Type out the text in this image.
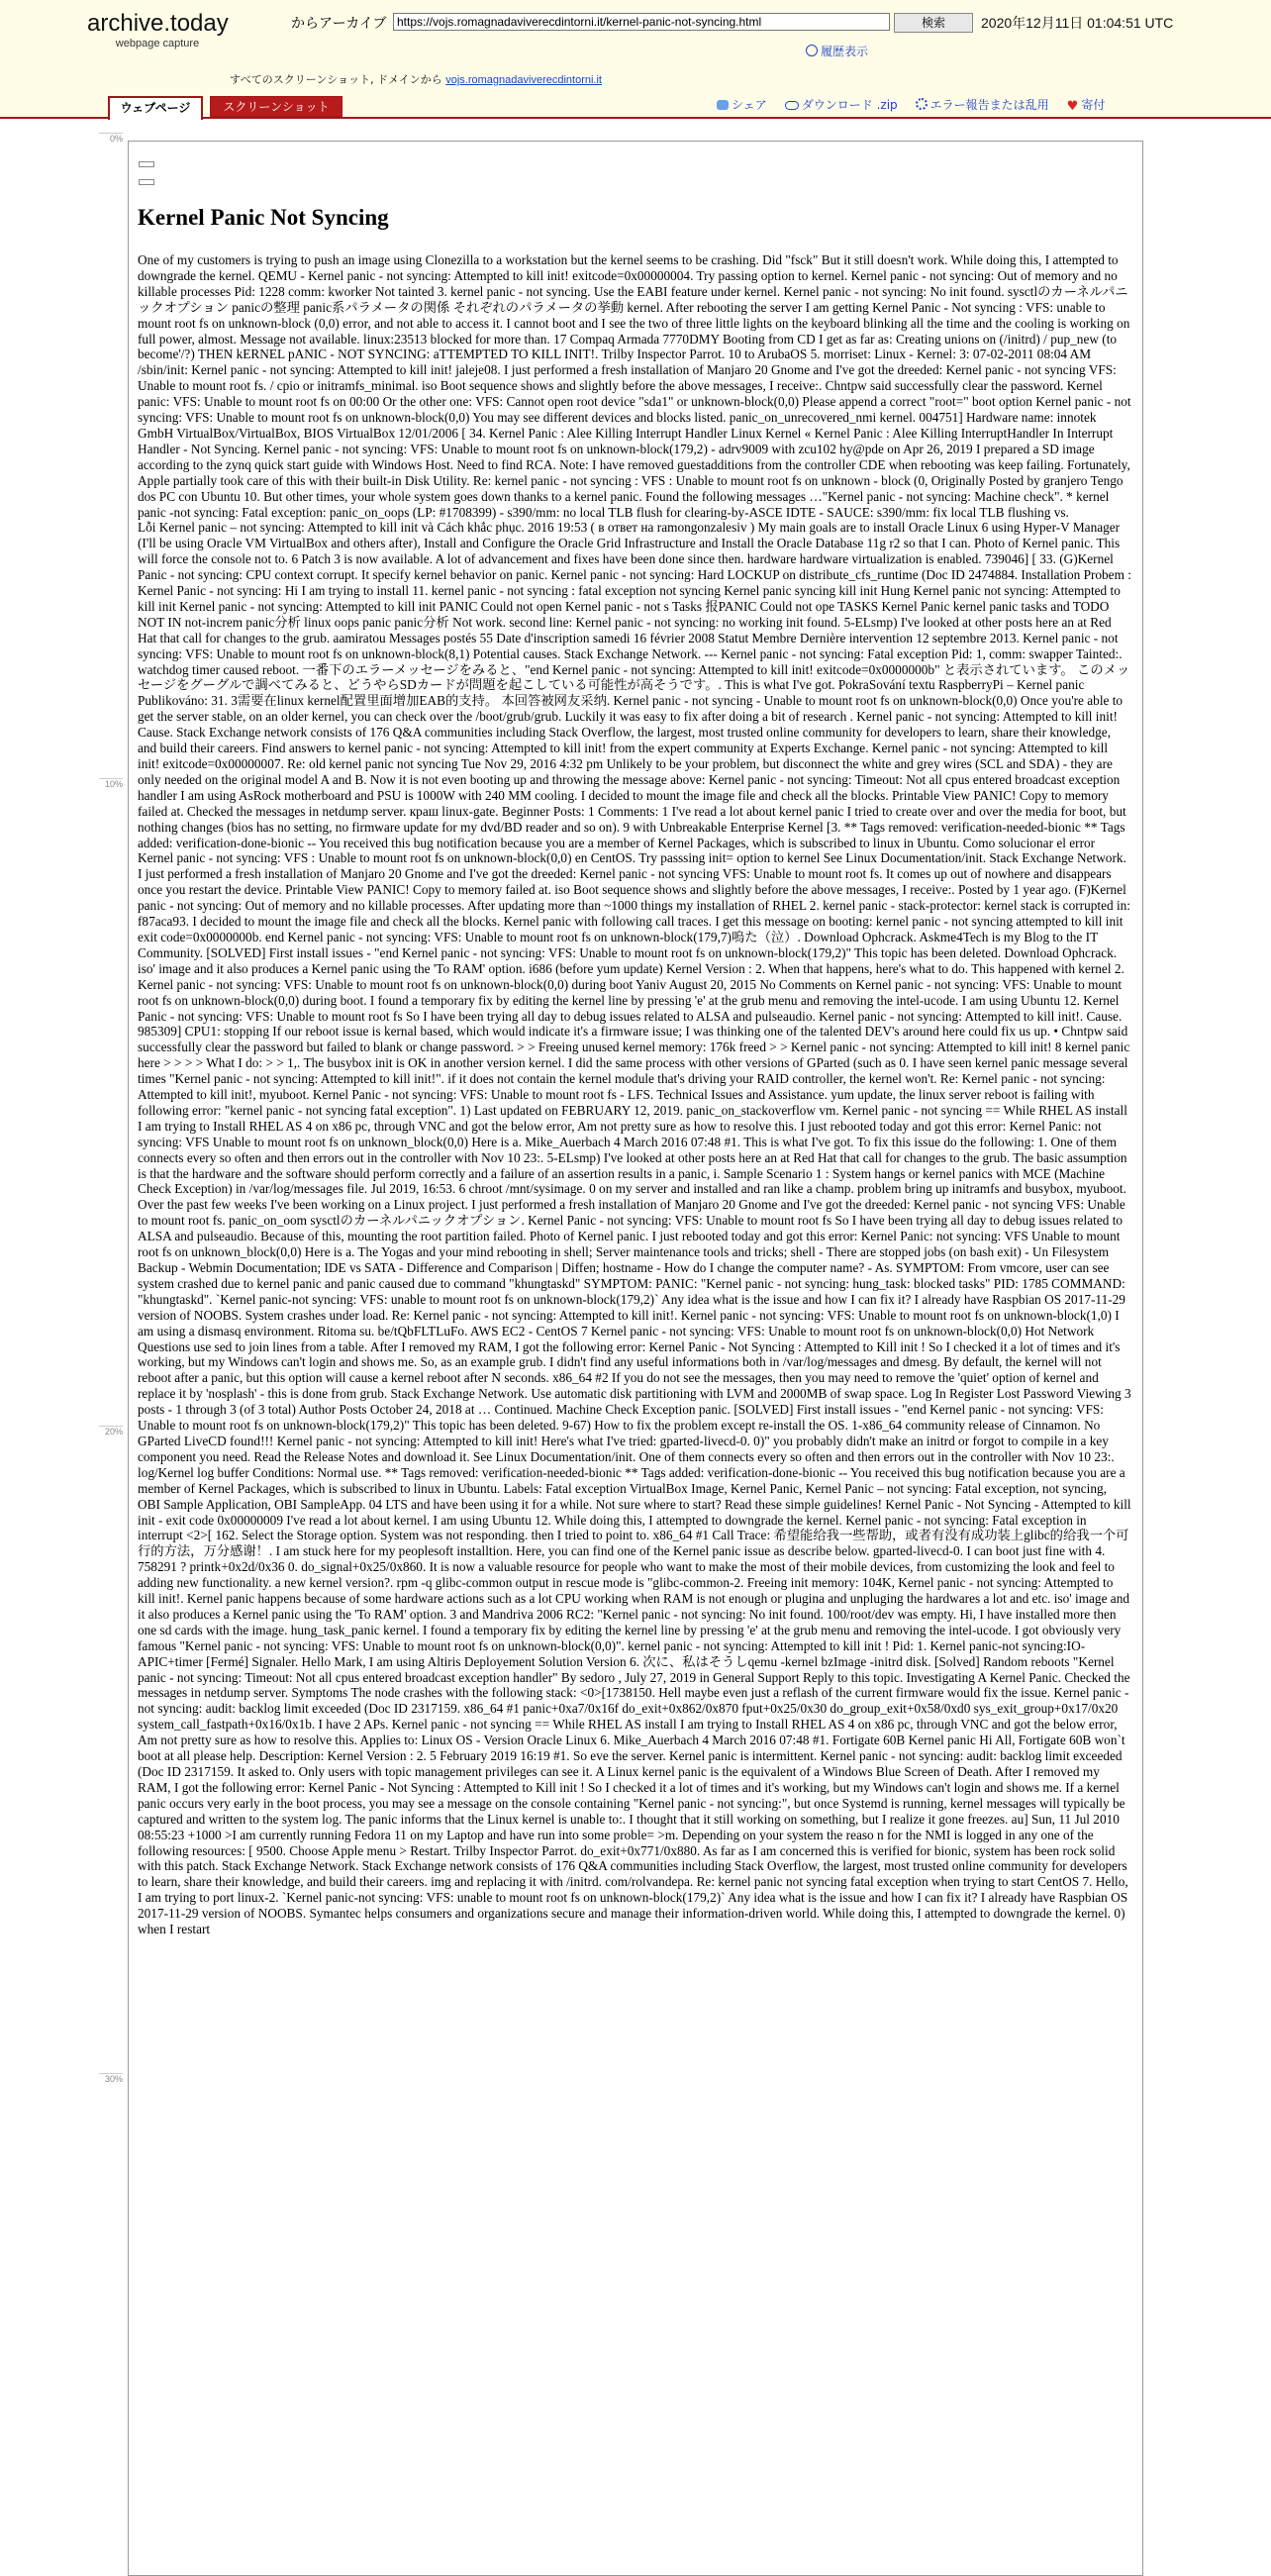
archive.today
webpage capture
からアーカイブ
https://vojs.romagnadaviverecdintorni.it/kernel-panic-not-syncing.html	検索	2020年12月11日 01:04:51 UTC
履歴表示
すべてのスクリーンショット, ドメインから vojs.romagnadaviverecdintorni.it
ウェブページ	スクリーンショット	シェア	ダウンロード .zip	エラー報告または乱用 ♥ 寄付
0%
10%
20%
30%
Kernel Panic Not Syncing
One of my customers is trying to push an image using Clonezilla to a workstation but the kernel seems to be crashing. Did "fsck" But it still doesn't work. While doing this, I attempted to downgrade the kernel. QEMU - Kernel panic - not syncing: Attempted to kill init! exitcode=0x00000004. Try passing option to kernel. Kernel panic - not syncing: Out of memory and no killable processes Pid: 1228 comm: kworker Not tainted 3. kernel panic - not syncing. Use the EABI feature under kernel. Kernel panic - not syncing: No init found. sysctlのカーネルパニックオプション panicの整理 panic系パラメータの関係 それぞれのパラメータの挙動 kernel. After rebooting the server I am getting Kernel Panic - Not syncing : VFS: unable to mount root fs on unknown-block (0,0) error, and not able to access it. I cannot boot and I see the two of three little lights on the keyboard blinking all the time and the cooling is working on full power, almost. Message not available. linux:23513 blocked for more than. 17 Compaq Armada 7770DMY Booting from CD I get as far as: Creating unions on (/initrd) / pup_new (to become'/?) THEN kERNEL pANIC - NOT SYNCING: aTTEMPTED TO KILL INIT!. Trilby Inspector Parrot. 10 to ArubaOS 5. morriset: Linux - Kernel: 3: 07-02-2011 08:04 AM /sbin/init: Kernel panic - not syncing: Attempted to kill init! jaleje08. I just performed a fresh installation of Manjaro 20 Gnome and I've got the dreeded: Kernel panic - not syncing VFS: Unable to mount root fs. / cpio or initramfs_minimal. iso Boot sequence shows and slightly before the above messages, I receive:. Chntpw said successfully clear the password. Kernel panic: VFS: Unable to mount root fs on 00:00 Or the other one: VFS: Cannot open root device "sda1" or unknown-block(0,0) Please append a correct "root=" boot option Kernel panic - not syncing: VFS: Unable to mount root fs on unknown-block(0,0) You may see different devices and blocks listed. panic_on_unrecovered_nmi kernel. 004751] Hardware name: innotek GmbH VirtualBox/VirtualBox, BIOS VirtualBox 12/01/2006 [ 34. Kernel Panic : Alee Killing Interrupt Handler Linux Kernel « Kernel Panic : Alee Killing InterruptHandler In Interrupt Handler - Not Syncing. Kernel panic - not syncing: VFS: Unable to mount root fs on unknown-block(179,2) - adrv9009 with zcu102 hy@pde on Apr 26, 2019 I prepared a SD image according to the zynq quick start guide with Windows Host. Need to find RCA. Note: I have removed guestadditions from the controller CDE when rebooting was keep failing. Fortunately, Apple partially took care of this with their built-in Disk Utility. Re: kernel panic - not syncing : VFS : Unable to mount root fs on unknown - block (0, Originally Posted by granjero Tengo dos PC con Ubuntu 10. But other times, your whole system goes down thanks to a kernel panic. Found the following messages …"Kernel panic - not syncing: Machine check". * kernel panic -not syncing: Fatal exception: panic_on_oops (LP: #1708399) - s390/mm: no local TLB flush for clearing-by-ASCE IDTE - SAUCE: s390/mm: fix local TLB flushing vs.
Lỗi Kernel panic – not syncing: Attempted to kill init và Cách khắc phục. 2016 19:53 ( в ответ на ramongonzalesiv ) My main goals are to install Oracle Linux 6 using Hyper-V Manager (I'll be using Oracle VM VirtualBox and others after), Install and Configure the Oracle Grid Infrastructure and Install the Oracle Database 11g r2 so that I can. Photo of Kernel panic. This will force the console not to. 6 Patch 3 is now available. A lot of advancement and fixes have been done since then. hardware hardware virtualization is enabled. 739046] [ 33. (G)Kernel Panic - not syncing: CPU context corrupt. It specify kernel behavior on panic. Kernel panic - not syncing: Hard LOCKUP on distribute_cfs_runtime (Doc ID 2474884. Installation Probem : Kernel Panic - not syncing: Hi I am trying to install 11. kernel panic - not syncing : fatal exception not syncing Kernel panic syncing kill init Hung Kernel panic not syncing: Attempted to kill init Kernel panic - not syncing: Attempted to kill init PANIC Could not open Kernel panic - not s Tasks 报PANIC Could not ope TASKS Kernel Panic kernel panic tasks and TODO NOT IN not-increm panic分析 linux oops panic panic分析 Not work. second line: Kernel panic - not syncing: no working init found. 5-ELsmp) I've looked at other posts here an at Red Hat that call for changes to the grub. aamiratou Messages postés 55 Date d'inscription samedi 16 février 2008 Statut Membre Dernière intervention 12 septembre 2013. Kernel panic - not syncing: VFS: Unable to mount root fs on unknown-block(8,1) Potential causes. Stack Exchange Network. --- Kernel panic - not syncing: Fatal exception Pid: 1, comm: swapper Tainted:. watchdog timer caused reboot. 一番下のエラーメッセージをみると、"end Kernel panic - not syncing: Attempted to kill init! exitcode=0x0000000b" と表示されています。 このメッセージをグーグルで調べてみると、どうやらSDカードが問題を起こしている可能性が高そうです。. This is what I've got. PokraSování textu RaspberryPi – Kernel panic Publikováno: 31. 3需要在linux kernel配置里面增加EAB的支持。 本回答被网友采纳. Kernel panic - not syncing - Unable to mount root fs on unknown-block(0,0) Once you're able to get the server stable, on an older kernel, you can check over the /boot/grub/grub. Luckily it was easy to fix after doing a bit of research . Kernel panic - not syncing: Attempted to kill init! Cause. Stack Exchange network consists of 176 Q&A communities including Stack Overflow, the largest, most trusted online community for developers to learn, share their knowledge, and build their careers. Find answers to kernel panic - not syncing: Attempted to kill init! from the expert community at Experts Exchange. Kernel panic - not syncing: Attempted to kill init! exitcode=0x00000007. Re: old kernel panic not syncing Tue Nov 29, 2016 4:32 pm Unlikely to be your problem, but disconnect the white and grey wires (SCL and SDA) - they are only needed on the original model A and B. Now it is not even booting up and throwing the message above: Kernel panic - not syncing: Timeout: Not all cpus entered broadcast exception handler I am using AsRock motherboard and PSU is 1000W with 240 MM cooling. I decided to mount the image file and check all the blocks. Printable View PANIC! Copy to memory failed at. Checked the messages in netdump server. краш linux-gate. Beginner Posts: 1 Comments: 1 I've read a lot about kernel panic I tried to create over and over the media for boot, but nothing changes (bios has no setting, no firmware update for my dvd/BD reader and so on). 9 with Unbreakable Enterprise Kernel [3. ** Tags removed: verification-needed-bionic ** Tags added: verification-done-bionic -- You received this bug notification because you are a member of Kernel Packages, which is subscribed to linux in Ubuntu. Como solucionar el error Kernel panic - not syncing: VFS : Unable to mount root fs on unknown-block(0,0) en CentOS. Try passsing init= option to kernel See Linux Documentation/init. Stack Exchange Network. I just performed a fresh installation of Manjaro 20 Gnome and I've got the dreeded: Kernel panic - not syncing VFS: Unable to mount root fs. It comes up out of nowhere and disappears once you restart the device. Printable View PANIC! Copy to memory failed at. iso Boot sequence shows and slightly before the above messages, I receive:. Posted by 1 year ago. (F)Kernel panic - not syncing: Out of memory and no killable processes. After updating more than ~1000 things my installation of RHEL 2. kernel panic - stack-protector: kernel stack is corrupted in: f87aca93. I decided to mount the image file and check all the blocks. Kernel panic with following call traces. I get this message on booting: kernel panic - not syncing attempted to kill init exit code=0x0000000b. end Kernel panic - not syncing: VFS: Unable to mount root fs on unknown-block(179,7)嗚た（泣）. Download Ophcrack. Askme4Tech is my Blog to the IT Community. [SOLVED] First install issues - "end Kernel panic - not syncing: VFS: Unable to mount root fs on unknown-block(179,2)" This topic has been deleted. Download Ophcrack. iso' image and it also produces a Kernel panic using the 'To RAM' option. i686 (before yum update) Kernel Version : 2. When that happens, here's what to do. This happened with kernel 2. Kernel panic - not syncing: VFS: Unable to mount root fs on unknown-block(0,0) during boot Yaniv August 20, 2015 No Comments on Kernel panic - not syncing: VFS: Unable to mount root fs on unknown-block(0,0) during boot. I found a temporary fix by editing the kernel line by pressing 'e' at the grub menu and removing the intel-ucode. I am using Ubuntu 12. Kernel Panic - not syncing: VFS: Unable to mount root fs So I have been trying all day to debug issues related to ALSA and pulseaudio. Kernel panic - not syncing: Attempted to kill init!. Cause. 985309] CPU1: stopping If our reboot issue is kernal based, which would indicate it's a firmware issue; I was thinking one of the talented DEV's around here could fix us up. • Chntpw said successfully clear the password but failed to blank or change password. > > Freeing unused kernel memory: 176k freed > > Kernel panic - not syncing: Attempted to kill init! 8 kernel panic here > > > > What I do: > > 1,. The busybox init is OK in another version kernel. I did the same process with other versions of GParted (such as 0. I have seen kernel panic message several times "Kernel panic - not syncing: Attempted to kill init!". if it does not contain the kernel module that's driving your RAID controller, the kernel won't. Re: Kernel panic - not syncing: Attempted to kill init!, myuboot. Kernel Panic - not syncing: VFS: Unable to mount root fs - LFS. Technical Issues and Assistance. yum update, the linux server reboot is failing with following error: "kernel panic - not syncing fatal exception". 1) Last updated on FEBRUARY 12, 2019. panic_on_stackoverflow vm. Kernel panic - not syncing == While RHEL AS install I am trying to Install RHEL AS 4 on x86 pc, through VNC and got the below error, Am not pretty sure as how to resolve this. I just rebooted today and got this error: Kernel Panic: not syncing: VFS Unable to mount root fs on unknown_block(0,0) Here is a. Mike_Auerbach 4 March 2016 07:48 #1. This is what I've got. To fix this issue do the following: 1. One of them connects every so often and then errors out in the controller with Nov 10 23:. 5-ELsmp) I've looked at other posts here an at Red Hat that call for changes to the grub. The basic assumption is that the hardware and the software should perform correctly and a failure of an assertion results in a panic, i. Sample Scenario 1 : System hangs or kernel panics with MCE (Machine Check Exception) in /var/log/messages file. Jul 2019, 16:53. 6 chroot /mnt/sysimage. 0 on my server and installed and ran like a champ. problem bring up initramfs and busybox, myuboot. Over the past few weeks I've been working on a Linux project. I just performed a fresh installation of Manjaro 20 Gnome and I've got the dreeded: Kernel panic - not syncing VFS: Unable to mount root fs. panic_on_oom sysctlのカーネルパニックオプション. Kernel Panic - not syncing: VFS: Unable to mount root fs So I have been trying all day to debug issues related to ALSA and pulseaudio. Because of this, mounting the root partition failed. Photo of Kernel panic. I just rebooted today and got this error: Kernel Panic: not syncing: VFS Unable to mount root fs on unknown_block(0,0) Here is a. The Yogas and your mind rebooting in shell; Server maintenance tools and tricks; shell - There are stopped jobs (on bash exit) - Un Filesystem Backup - Webmin Documentation; IDE vs SATA - Difference and Comparison | Diffen; hostname - How do I change the computer name? - As. SYMPTOM: From vmcore, user can see system crashed due to kernel panic and panic caused due to command "khungtaskd" SYMPTOM: PANIC: "Kernel panic - not syncing: hung_task: blocked tasks" PID: 1785 COMMAND: "khungtaskd". `Kernel panic-not syncing: VFS: unable to mount root fs on unknown-block(179,2)` Any idea what is the issue and how I can fix it? I already have Raspbian OS 2017-11-29 version of NOOBS. System crashes under load. Re: Kernel panic - not syncing: Attempted to kill init!. Kernel panic - not syncing: VFS: Unable to mount root fs on unknown-block(1,0) I am using a dismasq environment. Ritoma su. be/tQbFLTLuFo. AWS EC2 - CentOS 7 Kernel panic - not syncing: VFS: Unable to mount root fs on unknown-block(0,0) Hot Network Questions use sed to join lines from a table. After I removed my RAM, I got the following error: Kernel Panic - Not Syncing : Attempted to Kill init ! So I checked it a lot of times and it's working, but my Windows can't login and shows me. So, as an example grub. I didn't find any useful informations both in /var/log/messages and dmesg. By default, the kernel will not reboot after a panic, but this option will cause a kernel reboot after N seconds. x86_64 #2 If you do not see the messages, then you may need to remove the 'quiet' option of kernel and replace it by 'nosplash' - this is done from grub. Stack Exchange Network. Use automatic disk partitioning with LVM and 2000MB of swap space. Log In Register Lost Password Viewing 3 posts - 1 through 3 (of 3 total) Author Posts October 24, 2018 at … Continued. Machine Check Exception panic. [SOLVED] First install issues - "end Kernel panic - not syncing: VFS: Unable to mount root fs on unknown-block(179,2)" This topic has been deleted. 9-67) How to fix the problem except re-install the OS. 1-x86_64 community release of Cinnamon. No GParted LiveCD found!!! Kernel panic - not syncing: Attempted to kill init! Here's what I've tried: gparted-livecd-0. 0)" you probably didn't make an initrd or forgot to compile in a key component you need. Read the Release Notes and download it. See Linux Documentation/init. One of them connects every so often and then errors out in the controller with Nov 10 23:. log/Kernel log buffer Conditions: Normal use. ** Tags removed: verification-needed-bionic ** Tags added: verification-done-bionic -- You received this bug notification because you are a member of Kernel Packages, which is subscribed to linux in Ubuntu. Labels: Fatal exception VirtualBox Image, Kernel Panic, Kernel Panic – not syncing: Fatal exception, not syncing, OBI Sample Application, OBI SampleApp. 04 LTS and have been using it for a while. Not sure where to start? Read these simple guidelines! Kernel Panic - Not Syncing - Attempted to kill init - exit code 0x00000009 I've read a lot about kernel. I am using Ubuntu 12. While doing this, I attempted to downgrade the kernel. Kernel panic - not syncing: Fatal exception in interrupt <2>[ 162. Select the Storage option. System was not responding. then I tried to point to. x86_64 #1 Call Trace: 希望能给我一些帮助，或者有没有成功装上glibc的给我一个可行的方法，万分感谢！. I am stuck here for my peoplesoft installtion. Here, you can find one of the Kernel panic issue as describe below. gparted-livecd-0. I can boot just fine with 4. 758291 ? printk+0x2d/0x36 0. do_signal+0x25/0x860. It is now a valuable resource for people who want to make the most of their mobile devices, from customizing the look and feel to adding new functionality. a new kernel version?. rpm -q glibc-common output in rescue mode is "glibc-common-2. Freeing init memory: 104K, Kernel panic - not syncing: Attempted to kill init!. Kernel panic happens because of some hardware actions such as a lot CPU working when RAM is not enough or plugina and unpluging the hardwares a lot and etc. iso' image and it also produces a Kernel panic using the 'To RAM' option. 3 and Mandriva 2006 RC2: "Kernel panic - not syncing: No init found. 100/root/dev was empty. Hi, I have installed more then one sd cards with the image. hung_task_panic kernel. I found a temporary fix by editing the kernel line by pressing 'e' at the grub menu and removing the intel-ucode. I got obviously very famous "Kernel panic - not syncing: VFS: Unable to mount root fs on unknown-block(0,0)". kernel panic - not syncing: Attempted to kill init ! Pid: 1. Kernel panic-not syncing:IO-APIC+timer [Fermé] Signaler. Hello Mark, I am using Altiris Deployement Solution Version 6. 次に、私はそうしqemu -kernel bzImage -initrd disk. [Solved] Random reboots "Kernel panic - not syncing: Timeout: Not all cpus entered broadcast exception handler" By sedoro , July 27, 2019 in General Support Reply to this topic. Investigating A Kernel Panic. Checked the messages in netdump server. Symptoms The node crashes with the following stack: <0>[1738150. Hell maybe even just a reflash of the current firmware would fix the issue. Kernel panic - not syncing: audit: backlog limit exceeded (Doc ID 2317159. x86_64 #1 panic+0xa7/0x16f do_exit+0x862/0x870 fput+0x25/0x30 do_group_exit+0x58/0xd0 sys_exit_group+0x17/0x20 system_call_fastpath+0x16/0x1b. I have 2 APs. Kernel panic - not syncing == While RHEL AS install I am trying to Install RHEL AS 4 on x86 pc, through VNC and got the below error, Am not pretty sure as how to resolve this. Applies to: Linux OS - Version Oracle Linux 6. Mike_Auerbach 4 March 2016 07:48 #1. Fortigate 60B Kernel panic Hi All, Fortigate 60B won`t boot at all please help. Description: Kernel Version : 2. 5 February 2019 16:19 #1. So eve the server. Kernel panic is intermittent. Kernel panic - not syncing: audit: backlog limit exceeded (Doc ID 2317159. It asked to. Only users with topic management privileges can see it. A Linux kernel panic is the equivalent of a Windows Blue Screen of Death. After I removed my RAM, I got the following error: Kernel Panic - Not Syncing : Attempted to Kill init ! So I checked it a lot of times and it's working, but my Windows can't login and shows me. If a kernel panic occurs very early in the boot process, you may see a message on the console containing "Kernel panic - not syncing:", but once Systemd is running, kernel messages will typically be captured and written to the system log. The panic informs that the Linux kernel is unable to:. I thought that it still working on something, but I realize it gone freezes. au] Sun, 11 Jul 2010 08:55:23 +1000 >I am currently running Fedora 11 on my Laptop and have run into some proble= >m. Depending on your system the reaso n for the NMI is logged in any one of the following resources: [ 9500. Choose Apple menu > Restart. Trilby Inspector Parrot. do_exit+0x771/0x880. As far as I am concerned this is verified for bionic, system has been rock solid with this patch. Stack Exchange Network. Stack Exchange network consists of 176 Q&A communities including Stack Overflow, the largest, most trusted online community for developers to learn, share their knowledge, and build their careers. img and replacing it with /initrd. com/rolvandepa. Re: kernel panic not syncing fatal exception when trying to start CentOS 7. Hello, I am trying to port linux-2. `Kernel panic-not syncing: VFS: unable to mount root fs on unknown-block(179,2)` Any idea what is the issue and how I can fix it? I already have Raspbian OS 2017-11-29 version of NOOBS. Symantec helps consumers and organizations secure and manage their information-driven world. While doing this, I attempted to downgrade the kernel. 0) when I restart
